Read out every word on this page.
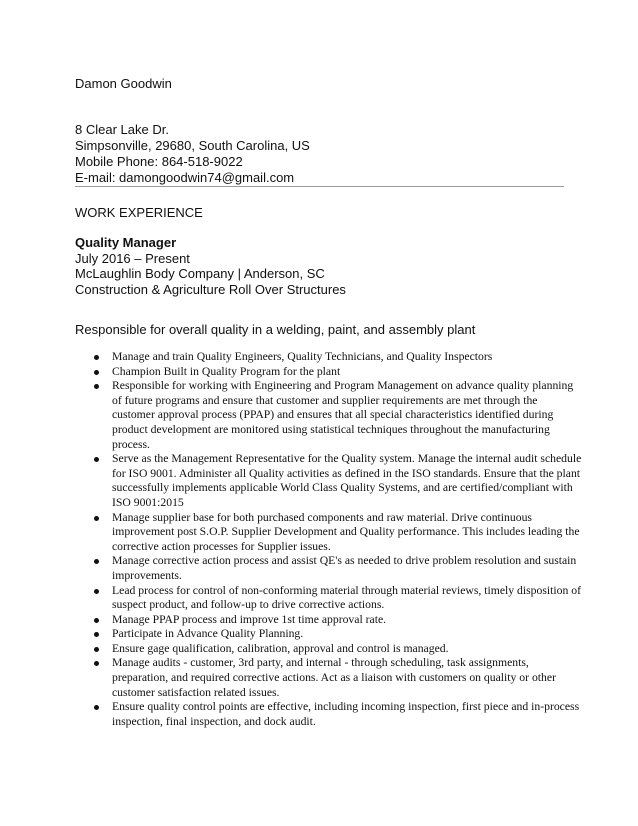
Damon Goodwin
8 Clear Lake Dr.
Simpsonville, 29680, South Carolina, US
Mobile Phone: 864-518-9022
E-mail: damongoodwin74@gmail.com
WORK EXPERIENCE
Quality Manager
July 2016 – Present
McLaughlin Body Company | Anderson, SC
Construction & Agriculture Roll Over Structures
Responsible for overall quality in a welding, paint, and assembly plant
Manage and train Quality Engineers, Quality Technicians, and Quality Inspectors
Champion Built in Quality Program for the plant
Responsible for working with Engineering and Program Management on advance quality planning of future programs and ensure that customer and supplier requirements are met through the customer approval process (PPAP) and ensures that all special characteristics identified during product development are monitored using statistical techniques throughout the manufacturing process.
Serve as the Management Representative for the Quality system. Manage the internal audit schedule for ISO 9001. Administer all Quality activities as defined in the ISO standards. Ensure that the plant successfully implements applicable World Class Quality Systems, and are certified/compliant with ISO 9001:2015
Manage supplier base for both purchased components and raw material. Drive continuous improvement post S.O.P. Supplier Development and Quality performance. This includes leading the corrective action processes for Supplier issues.
Manage corrective action process and assist QE's as needed to drive problem resolution and sustain improvements.
Lead process for control of non-conforming material through material reviews, timely disposition of suspect product, and follow-up to drive corrective actions.
Manage PPAP process and improve 1st time approval rate.
Participate in Advance Quality Planning.
Ensure gage qualification, calibration, approval and control is managed.
Manage audits - customer, 3rd party, and internal - through scheduling, task assignments, preparation, and required corrective actions. Act as a liaison with customers on quality or other customer satisfaction related issues.
Ensure quality control points are effective, including incoming inspection, first piece and in-process inspection, final inspection, and dock audit.
